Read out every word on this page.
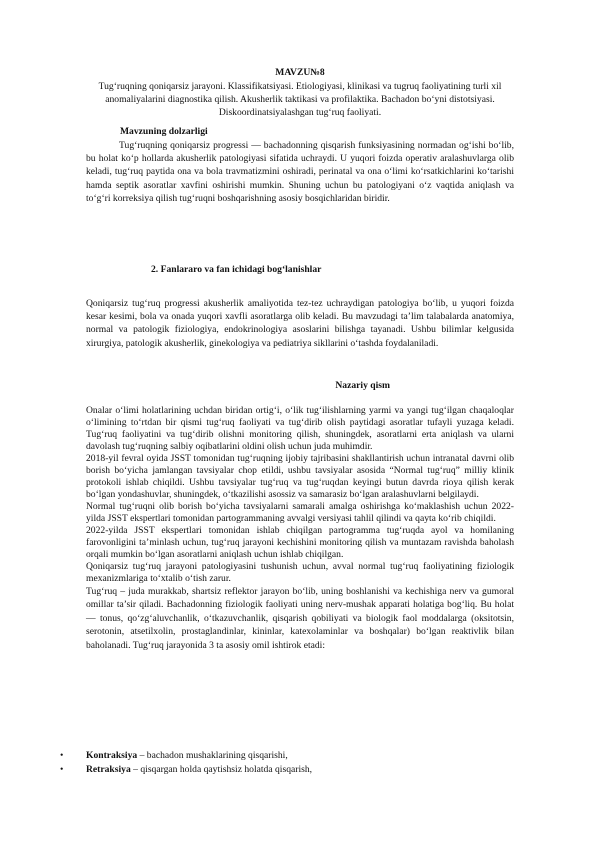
MAVZU№8
Tug‘ruqning qoniqarsiz jarayoni. Klassifikatsiyasi. Etiologiyasi, klinikasi va tugruq faoliyatining turli xil anomaliyalarini diagnostika qilish. Akusherlik taktikasi va profilaktika. Bachadon bo‘yni distotsiyasi. Diskoordinatsiyalashgan tug‘ruq faoliyati.
Mavzuning dolzarligi

Tug‘ruqning qoniqarsiz progressi — bachadonning qisqarish funksiyasining normadan og‘ishi bo‘lib, bu holat ko‘p hollarda akusherlik patologiyasi sifatida uchraydi. U yuqori foizda operativ aralashuvlarga olib keladi, tug‘ruq paytida ona va bola travmatizmini oshiradi, perinatal va ona o‘limi ko‘rsatkichlarini ko‘tarishi hamda septik asoratlar xavfini oshirishi mumkin. Shuning uchun bu patologiyani o‘z vaqtida aniqlash va to‘g‘ri korreksiya qilish tug‘ruqni boshqarishning asosiy bosqichlaridan biridir.

2. Fanlararo va fan ichidagi bog‘lanishlar

Qoniqarsiz tug‘ruq progressi akusherlik amaliyotida tez-tez uchraydigan patologiya bo‘lib, u yuqori foizda kesar kesimi, bola va onada yuqori xavfli asoratlarga olib keladi. Bu mavzudagi ta’lim talabalarda anatomiya, normal va patologik fiziologiya, endokrinologiya asoslarini bilishga tayanadi. Ushbu bilimlar kelgusida xirurgiya, patologik akusherlik, ginekologiya va pediatriya sikllarini o‘tashda foydalaniladi.

Nazariy qism

Onalar o‘limi holatlarining uchdan biridan ortig‘i, o‘lik tug‘ilishlarning yarmi va yangi tug‘ilgan chaqaloqlar o‘limining to‘rtdan bir qismi tug‘ruq faoliyati va tug‘dirib olish paytidagi asoratlar tufayli yuzaga keladi. Tug‘ruq faoliyatini va tug‘dirib olishni monitoring qilish, shuningdek, asoratlarni erta aniqlash va ularni davolash tug‘ruqning salbiy oqibatlarini oldini olish uchun juda muhimdir.

2018-yil fevral oyida JSST tomonidan tug‘ruqning ijobiy tajribasini shakllantirish uchun intranatal davrni olib borish bo‘yicha jamlangan tavsiyalar chop etildi, ushbu tavsiyalar asosida “Normal tug‘ruq” milliy klinik protokoli ishlab chiqildi. Ushbu tavsiyalar tug‘ruq va tug‘ruqdan keyingi butun davrda rioya qilish kerak bo‘lgan yondashuvlar, shuningdek, o‘tkazilishi asossiz va samarasiz bo‘lgan aralashuvlarni belgilaydi.

Normal tug‘ruqni olib borish bo‘yicha tavsiyalarni samarali amalga oshirishga ko‘maklashish uchun 2022-yilda JSST ekspertlari tomonidan partogrammaning avvalgi versiyasi tahlil qilindi va qayta ko‘rib chiqildi.

2022-yilda JSST ekspertlari tomonidan ishlab chiqilgan partogramma tug‘ruqda ayol va homilaning farovonligini ta’minlash uchun, tug‘ruq jarayoni kechishini monitoring qilish va muntazam ravishda baholash orqali mumkin bo‘lgan asoratlarni aniqlash uchun ishlab chiqilgan.

Qoniqarsiz tug‘ruq jarayoni patologiyasini tushunish uchun, avval normal tug‘ruq faoliyatining fiziologik mexanizmlariga to‘xtalib o‘tish zarur.

Tug‘ruq – juda murakkab, shartsiz reflektor jarayon bo‘lib, uning boshlanishi va kechishiga nerv va gumoral omillar ta’sir qiladi. Bachadonning fiziologik faoliyati uning nerv-mushak apparati holatiga bog‘liq. Bu holat — tonus, qo‘zg‘aluvchanlik, o‘tkazuvchanlik, qisqarish qobiliyati va biologik faol moddalarga (oksitotsin, serotonin, atsetilxolin, prostaglandinlar, kininlar, katexolaminlar va boshqalar) bo‘lgan reaktivlik bilan baholanadi. Tug‘ruq jarayonida 3 ta asosiy omil ishtirok etadi:

• Kontraksiya – bachadon mushaklarining qisqarishi,
• Retraksiya – qisqargan holda qaytishsiz holatda qisqarish,
